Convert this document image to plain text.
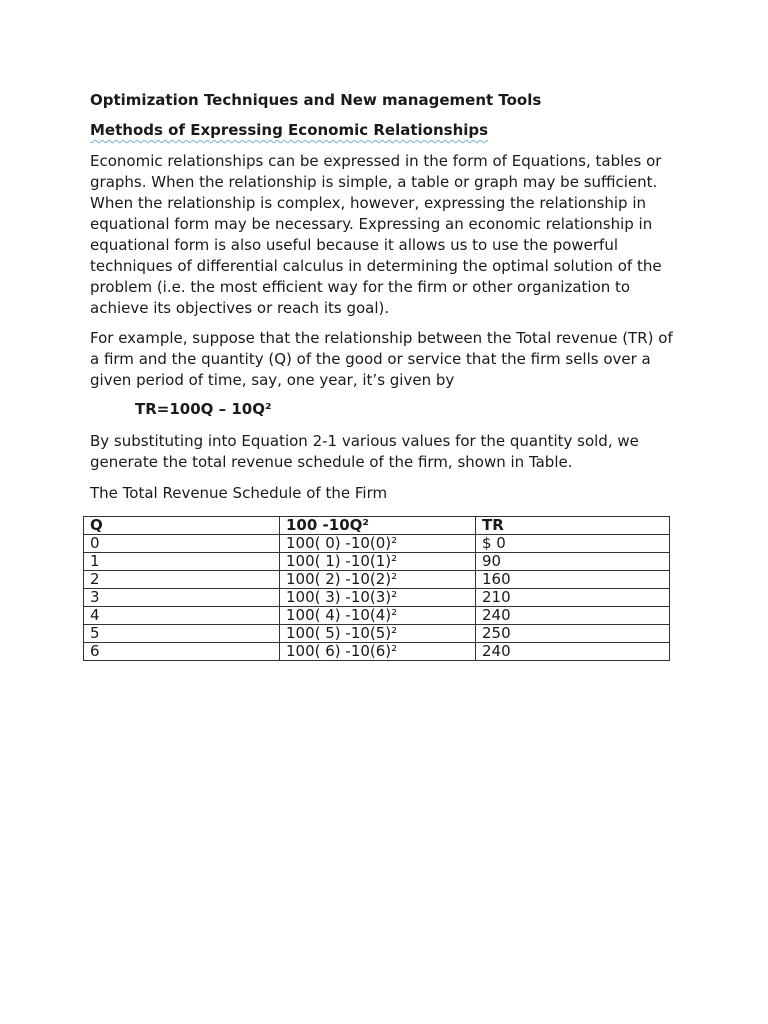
Optimization Techniques and New management Tools

Methods of Expressing Economic Relationships

Economic relationships can be expressed in the form of Equations, tables or graphs. When the relationship is simple, a table or graph may be sufficient. When the relationship is complex, however, expressing the relationship in equational form may be necessary. Expressing an economic relationship in equational form is also useful because it allows us to use the powerful techniques of differential calculus in determining the optimal solution of the problem (i.e. the most efficient way for the firm or other organization to achieve its objectives or reach its goal).

For example, suppose that the relationship between the Total revenue (TR) of a firm and the quantity (Q) of the good or service that the firm sells over a given period of time, say, one year, it’s given by

TR=100Q – 10Q²

By substituting into Equation 2-1 various values for the quantity sold, we generate the total revenue schedule of the firm, shown in Table.

The Total Revenue Schedule of the Firm

Q	100 -10Q²	TR
0	100( 0) -10(0)²	$ 0
1	100( 1) -10(1)²	90
2	100( 2) -10(2)²	160
3	100( 3) -10(3)²	210
4	100( 4) -10(4)²	240
5	100( 5) -10(5)²	250
6	100( 6) -10(6)²	240
